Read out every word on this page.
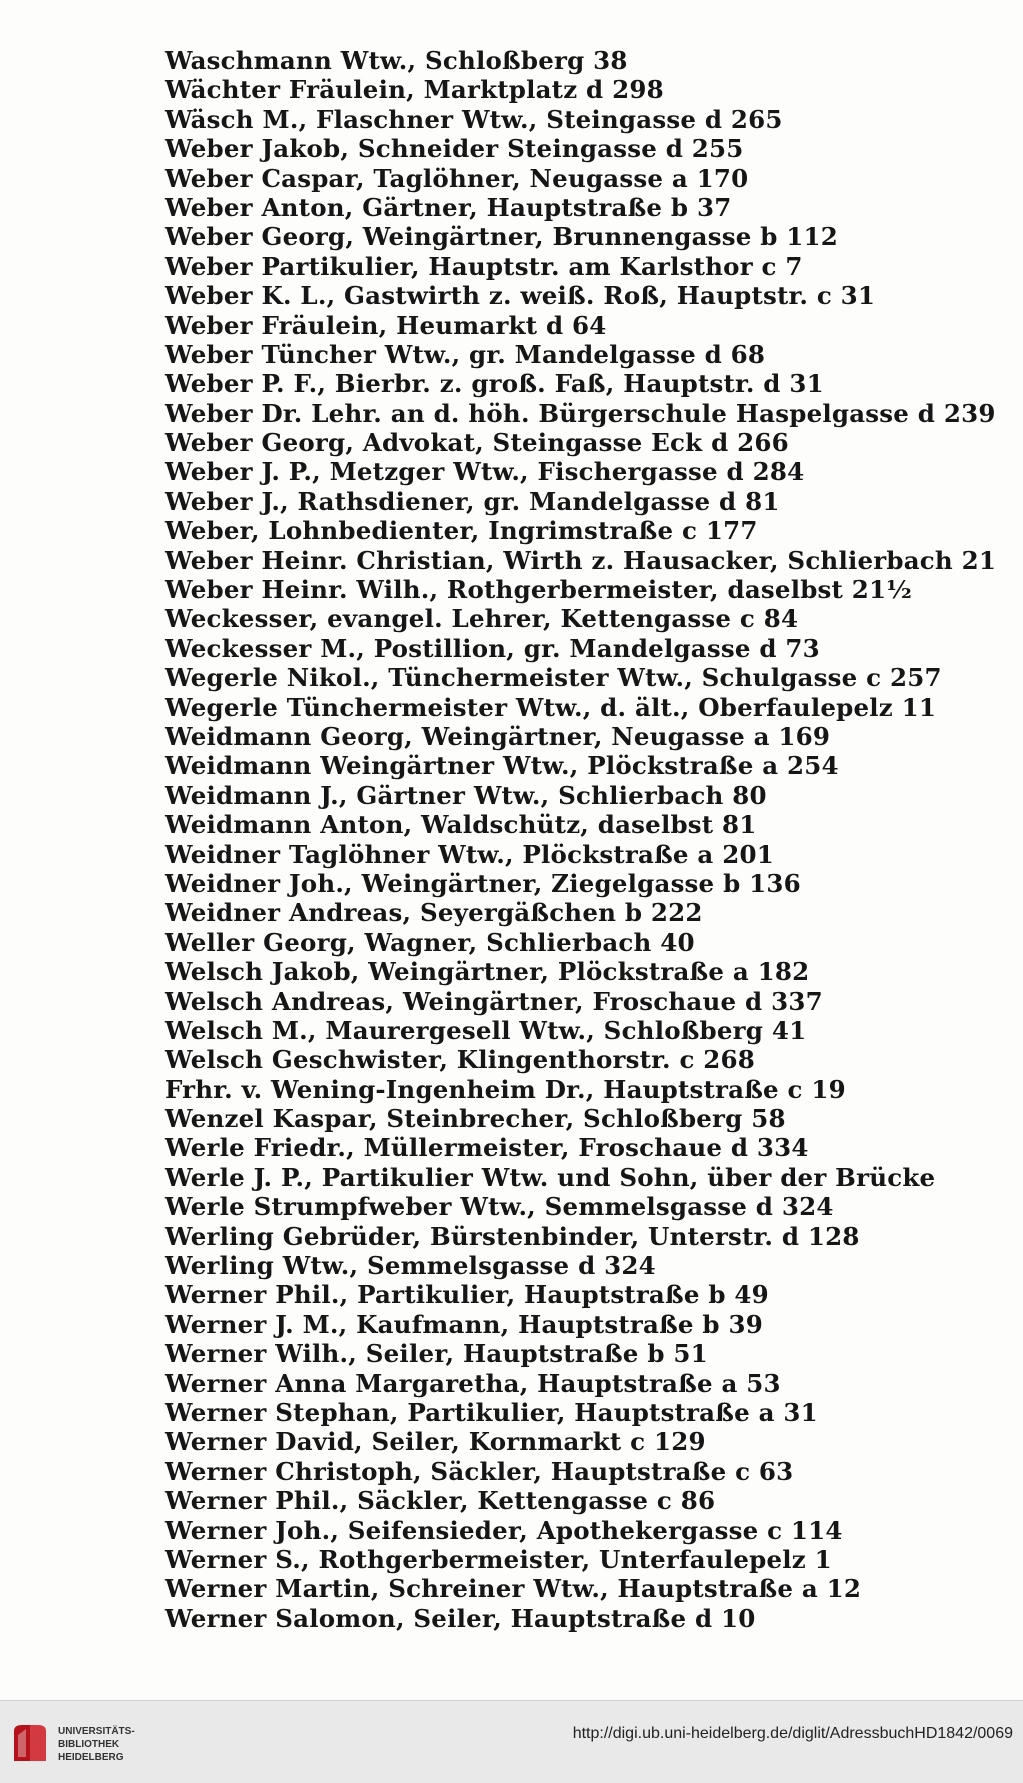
Waschmann Wtw., Schloßberg 38
Wächter Fräulein, Marktplatz d 298
Wäsch M., Flaschner Wtw., Steingasse d 265
Weber Jakob, Schneider Steingasse d 255
Weber Caspar, Taglöhner, Neugasse a 170
Weber Anton, Gärtner, Hauptstraße b 37
Weber Georg, Weingärtner, Brunnengasse b 112
Weber Partikulier, Hauptstr. am Karlsthor c 7
Weber K. L., Gastwirth z. weiß. Roß, Hauptstr. c 31
Weber Fräulein, Heumarkt d 64
Weber Tüncher Wtw., gr. Mandelgasse d 68
Weber P. F., Bierbr. z. groß. Faß, Hauptstr. d 31
Weber Dr. Lehr. an d. höh. Bürgerschule Haspelgasse d 239
Weber Georg, Advokat, Steingasse Eck d 266
Weber J. P., Metzger Wtw., Fischergasse d 284
Weber J., Rathsdiener, gr. Mandelgasse d 81
Weber, Lohnbedienter, Ingrimstraße c 177
Weber Heinr. Christian, Wirth z. Hausacker, Schlierbach 21
Weber Heinr. Wilh., Rothgerbermeister, daselbst 21½
Weckesser, evangel. Lehrer, Kettengasse c 84
Weckesser M., Postillion, gr. Mandelgasse d 73
Wegerle Nikol., Tünchermeister Wtw., Schulgasse c 257
Wegerle Tünchermeister Wtw., d. ält., Oberfaulepelz 11
Weidmann Georg, Weingärtner, Neugasse a 169
Weidmann Weingärtner Wtw., Plöckstraße a 254
Weidmann J., Gärtner Wtw., Schlierbach 80
Weidmann Anton, Waldschütz, daselbst 81
Weidner Taglöhner Wtw., Plöckstraße a 201
Weidner Joh., Weingärtner, Ziegelgasse b 136
Weidner Andreas, Seyergäßchen b 222
Weller Georg, Wagner, Schlierbach 40
Welsch Jakob, Weingärtner, Plöckstraße a 182
Welsch Andreas, Weingärtner, Froschaue d 337
Welsch M., Maurergesell Wtw., Schloßberg 41
Welsch Geschwister, Klingenthorstr. c 268
Frhr. v. Wening-Ingenheim Dr., Hauptstraße c 19
Wenzel Kaspar, Steinbrecher, Schloßberg 58
Werle Friedr., Müllermeister, Froschaue d 334
Werle J. P., Partikulier Wtw. und Sohn, über der Brücke
Werle Strumpfweber Wtw., Semmelsgasse d 324
Werling Gebrüder, Bürstenbinder, Unterstr. d 128
Werling Wtw., Semmelsgasse d 324
Werner Phil., Partikulier, Hauptstraße b 49
Werner J. M., Kaufmann, Hauptstraße b 39
Werner Wilh., Seiler, Hauptstraße b 51
Werner Anna Margaretha, Hauptstraße a 53
Werner Stephan, Partikulier, Hauptstraße a 31
Werner David, Seiler, Kornmarkt c 129
Werner Christoph, Säckler, Hauptstraße c 63
Werner Phil., Säckler, Kettengasse c 86
Werner Joh., Seifensieder, Apothekergasse c 114
Werner S., Rothgerbermeister, Unterfaulepelz 1
Werner Martin, Schreiner Wtw., Hauptstraße a 12
Werner Salomon, Seiler, Hauptstraße d 10
UNIVERSITÄTS-
BIBLIOTHEK
HEIDELBERG
http://digi.ub.uni-heidelberg.de/diglit/AdressbuchHD1842/0069
